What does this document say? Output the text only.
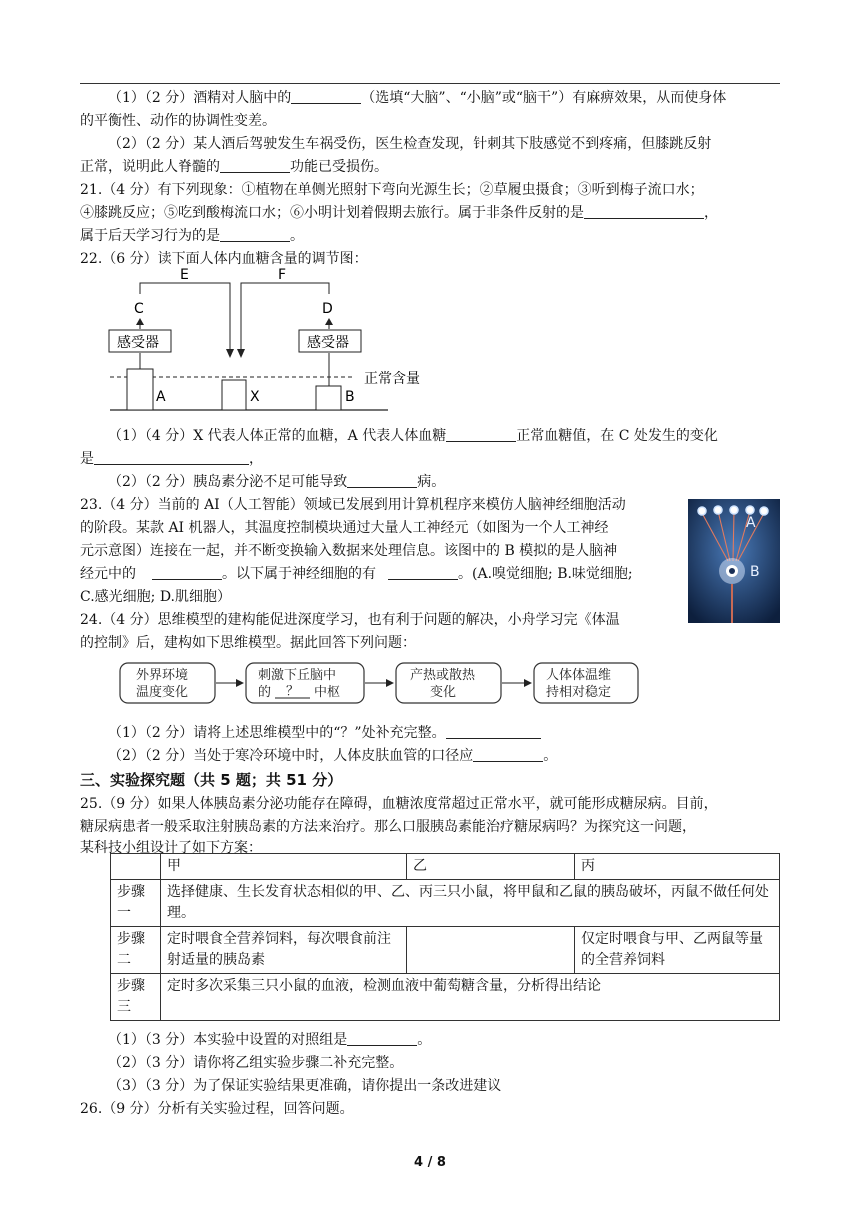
（1）（2 分）酒精对人脑中的	（选填“大脑”、“小脑”或“脑干”）有麻痹效果，从而使身体
的平衡性、动作的协调性变差。
（2）（2 分）某人酒后驾驶发生车祸受伤，医生检查发现，针刺其下肢感觉不到疼痛，但膝跳反射
正常，说明此人脊髓的	功能已受损伤。
21.（4 分）有下列现象：①植物在单侧光照射下弯向光源生长；②草履虫摄食；③听到梅子流口水；
④膝跳反应；⑤吃到酸梅流口水；⑥小明计划着假期去旅行。属于非条件反射的是	，
属于后天学习行为的是	。
22.（6 分）读下面人体内血糖含量的调节图：
A	X	B
正常含量
感受器	感受器
C	D
E	F
（1）（4 分）X 代表人体正常的血糖，A 代表人体血糖	正常血糖值，在 C 处发生的变化
是	，
（2）（2 分）胰岛素分泌不足可能导致	病。
23.（4 分）当前的 AI（人工智能）领域已发展到用计算机程序来模仿人脑神经细胞活动
的阶段。某款 AI 机器人，其温度控制模块通过大量人工神经元（如图为一个人工神经
元示意图）连接在一起，并不断变换输入数据来处理信息。该图中的 B 模拟的是人脑神
经元中的	。以下属于神经细胞的有	。(A.嗅觉细胞; B.味觉细胞;
C.感光细胞; D.肌细胞）
A
B
24.（4 分）思维模型的建构能促进深度学习，也有利于问题的解决，小舟学习完《体温
的控制》后，建构如下思维模型。据此回答下列问题：
外界环境
温度变化
刺激下丘脑中
的 ？ 中枢
产热或散热
变化
人体体温维
持相对稳定
（1）（2 分）请将上述思维模型中的“？”处补充完整。
（2）（2 分）当处于寒冷环境中时，人体皮肤血管的口径应	。
三、实验探究题（共 5 题；共 51 分）
25.（9 分）如果人体胰岛素分泌功能存在障碍，血糖浓度常超过正常水平，就可能形成糖尿病。目前，
糖尿病患者一般采取注射胰岛素的方法来治疗。那么口服胰岛素能治疗糖尿病吗？为探究这一问题，
某科技小组设计了如下方案：
	甲	乙	丙
步骤一	选择健康、生长发育状态相似的甲、乙、丙三只小鼠，将甲鼠和乙鼠的胰岛破坏，丙鼠不做任何处理。		
步骤二	定时喂食全营养饲料，每次喂食前注射适量的胰岛素		仅定时喂食与甲、乙两鼠等量的全营养饲料
步骤三	定时多次采集三只小鼠的血液，检测血液中葡萄糖含量，分析得出结论		
（1）（3 分）本实验中设置的对照组是	。
（2）（3 分）请你将乙组实验步骤二补充完整。
（3）（3 分）为了保证实验结果更准确，请你提出一条改进建议
26.（9 分）分析有关实验过程，回答问题。
4 / 8
